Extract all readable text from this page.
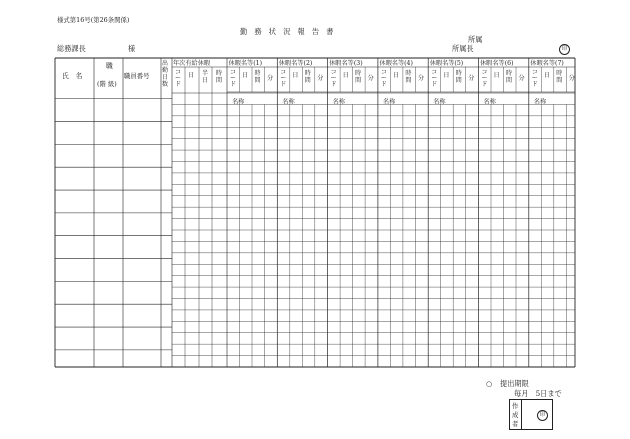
様式第16号(第26条関係)
勤　務　状　況　報　告　書
総務課長	様
所属
所属長	印
休暇名等(1)
コ
ー
ド
日 時
間 分
名称
休暇名等(2)
コ
ー
ド
日 時
間 分
名称
休暇名等(3)
コ
ー
ド
日 時
間 分
名称
休暇名等(4)
コ
ー
ド
日 時
間 分
名称
休暇名等(5)
コ
ー
ド
日 時
間 分
名称
休暇名等(6)
コ
ー
ド
日 時
間 分
名称
休暇名等(7)
コ
ー
ド
日 時
間 分
名称
氏　名
職
(階 級)
職員番号
出
勤
日
数
年次有給休暇
コ
ー
ド
日 半
日
時
間
○ 提出期限
毎月　5日まで
作
成
者
印
